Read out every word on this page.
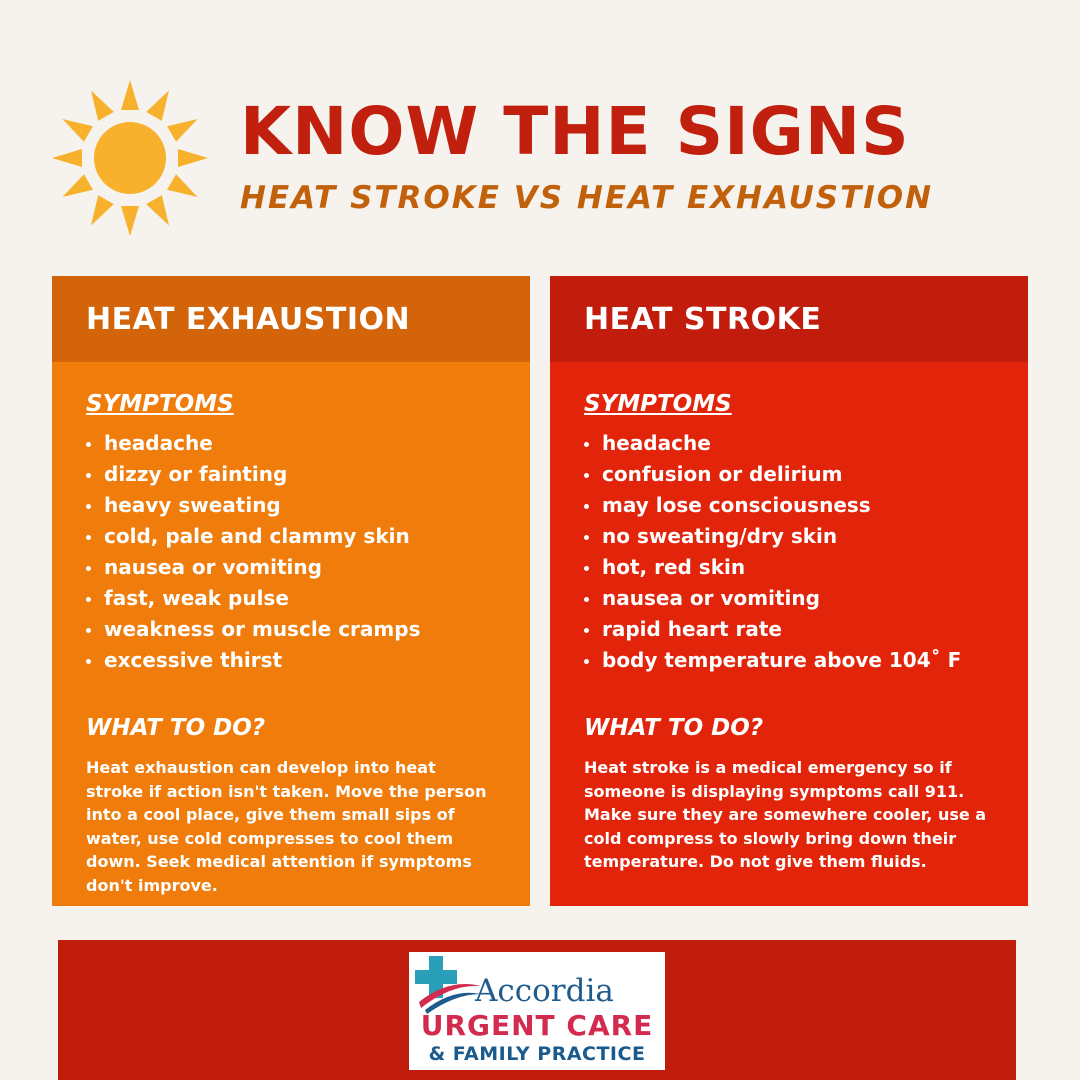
KNOW THE SIGNS
HEAT STROKE VS HEAT EXHAUSTION
HEAT EXHAUSTION

SYMPTOMS

headache
dizzy or fainting
heavy sweating
cold, pale and clammy skin
nausea or vomiting
fast, weak pulse
weakness or muscle cramps
excessive thirst

WHAT TO DO?

Heat exhaustion can develop into heat stroke if action isn't taken. Move the person into a cool place, give them small sips of water, use cold compresses to cool them down. Seek medical attention if symptoms don't improve.

HEAT STROKE

SYMPTOMS

headache
confusion or delirium
may lose consciousness
no sweating/dry skin
hot, red skin
nausea or vomiting
rapid heart rate
body temperature above 104˚ F

WHAT TO DO?

Heat stroke is a medical emergency so if someone is displaying symptoms call 911. Make sure they are somewhere cooler, use a cold compress to slowly bring down their temperature. Do not give them fluids.

Accordia

URGENT CARE
& FAMILY PRACTICE
